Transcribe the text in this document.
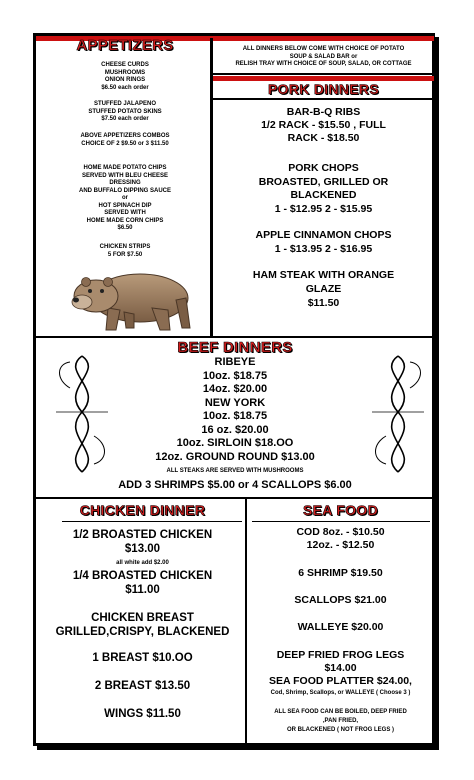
APPETIZERS
CHEESE CURDS
MUSHROOMS
ONION RINGS
$6.50 each order
STUFFED JALAPENO
STUFFED POTATO SKINS
$7.50 each order
ABOVE APPETIZERS COMBOS
CHOICE OF 2 $9.50 or 3 $11.50
HOME MADE POTATO CHIPS
SERVED WITH BLEU CHEESE
DRESSING
AND BUFFALO DIPPING SAUCE
or
HOT SPINACH DIP
SERVED WITH
HOME MADE CORN CHIPS
$6.50
CHICKEN STRIPS
5 FOR $7.50
ALL DINNERS BELOW COME WITH CHOICE OF POTATO
SOUP & SALAD BAR or
RELISH TRAY WITH CHOICE OF SOUP, SALAD, OR COTTAGE
PORK DINNERS
BAR-B-Q RIBS
1/2 RACK - $15.50 , FULL
RACK - $18.50
PORK CHOPS
BROASTED, GRILLED OR
BLACKENED
1 - $12.95 2 - $15.95
APPLE CINNAMON CHOPS
1 - $13.95 2 - $16.95
HAM STEAK WITH ORANGE
GLAZE
$11.50
BEEF DINNERS
RIBEYE
10oz. $18.75
14oz. $20.00
NEW YORK
10oz. $18.75
16 oz. $20.00
10oz. SIRLOIN $18.OO
12oz. GROUND ROUND $13.00
ALL STEAKS ARE SERVED WITH MUSHROOMS
ADD 3 SHRIMPS $5.00 or 4 SCALLOPS $6.00
CHICKEN DINNER
1/2 BROASTED CHICKEN
$13.00
all white add $2.00
1/4 BROASTED CHICKEN
$11.00
CHICKEN BREAST
GRILLED,CRISPY, BLACKENED
1 BREAST $10.OO
2 BREAST $13.50
WINGS $11.50
SEA FOOD
COD 8oz. - $10.50
12oz. - $12.50
6 SHRIMP $19.50
SCALLOPS $21.00
WALLEYE $20.00
DEEP FRIED FROG LEGS
$14.00
SEA FOOD PLATTER $24.00,
Cod, Shrimp, Scallops, or WALLEYE ( Choose 3 )
ALL SEA FOOD CAN BE BOILED, DEEP FRIED
,PAN FRIED,
OR BLACKENED ( NOT FROG LEGS )
